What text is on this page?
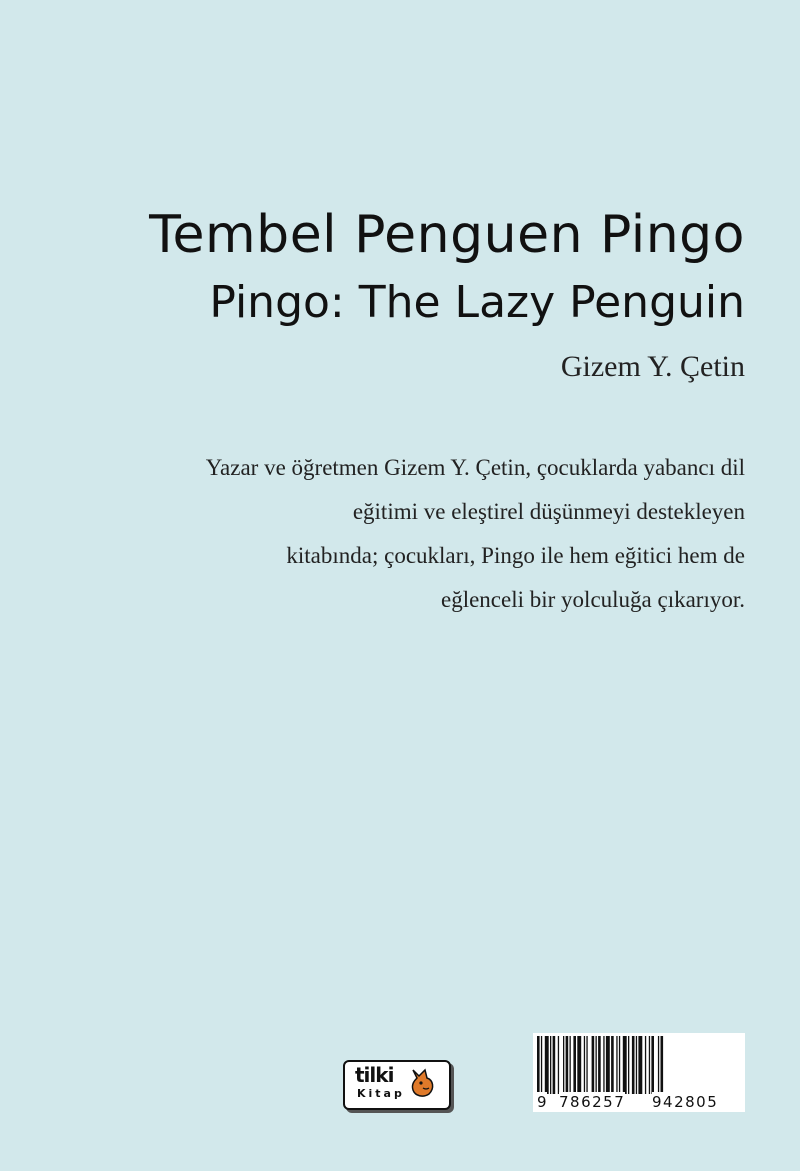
Tembel Penguen Pingo
Pingo: The Lazy Penguin
Gizem Y. Çetin
Yazar ve öğretmen Gizem Y. Çetin, çocuklarda yabancı dil
eğitimi ve eleştirel düşünmeyi destekleyen
kitabında; çocukları, Pingo ile hem eğitici hem de
eğlenceli bir yolculuğa çıkarıyor.
tilki
Kitap	9 786257 942805
